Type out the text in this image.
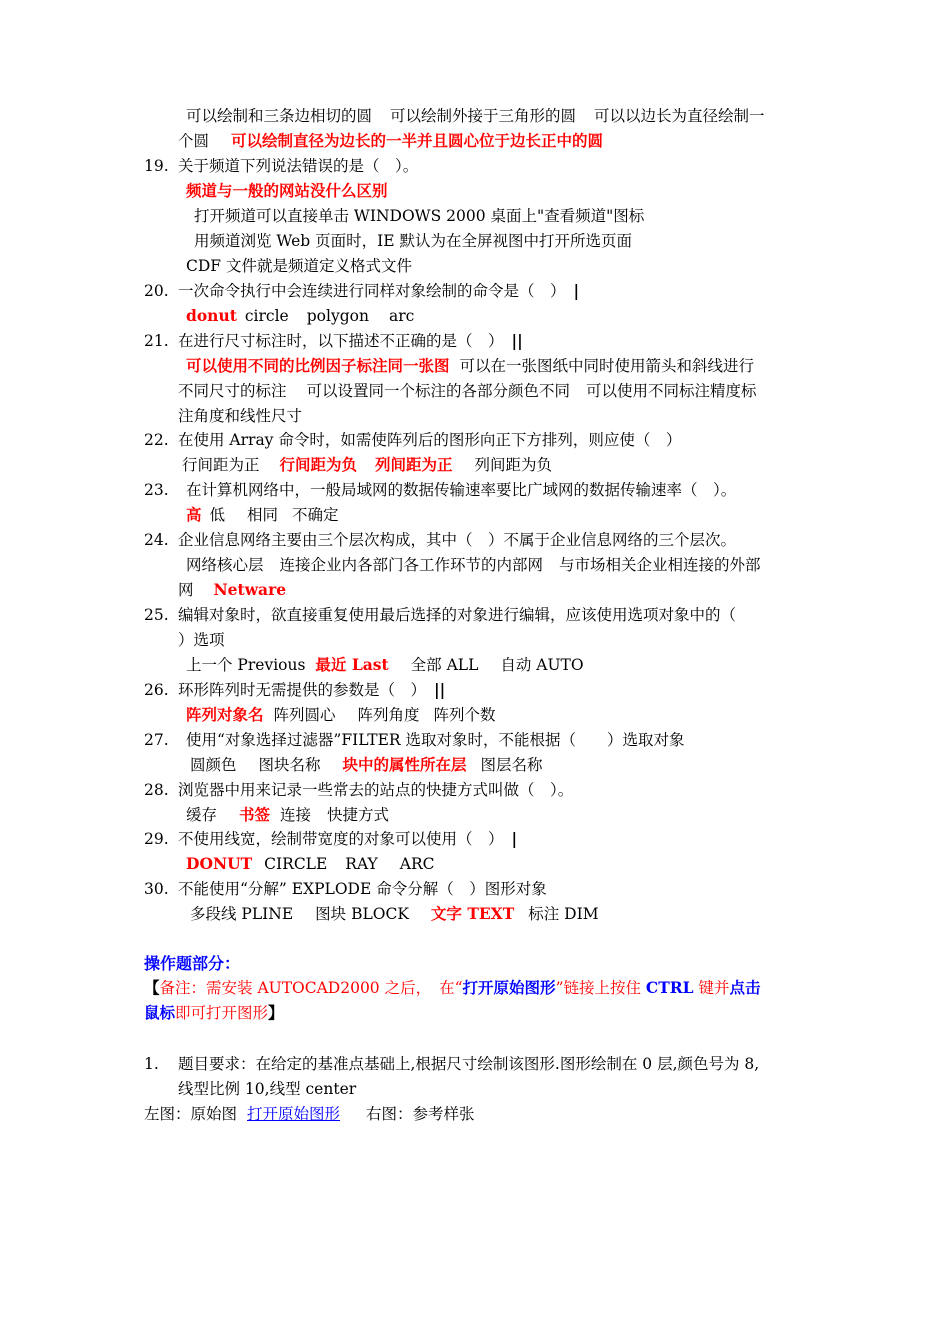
可以绘制和三条边相切的圆 可以绘制外接于三角形的圆 可以以边长为直径绘制一
个圆 可以绘制直径为边长的一半并且圆心位于边长正中的圆
19. 关于频道下列说法错误的是（　）。
频道与一般的网站没什么区别
打开频道可以直接单击 WINDOWS 2000 桌面上"查看频道"图标
用频道浏览 Web 页面时，IE 默认为在全屏视图中打开所选页面
CDF 文件就是频道定义格式文件
20. 一次命令执行中会连续进行同样对象绘制的命令是（　） |
donut circle polygon arc
21. 在进行尺寸标注时，以下描述不正确的是（　） ||
可以使用不同的比例因子标注同一张图 可以在一张图纸中同时使用箭头和斜线进行
不同尺寸的标注 可以设置同一个标注的各部分颜色不同 可以使用不同标注精度标
注角度和线性尺寸
22. 在使用 Array 命令时，如需使阵列后的图形向正下方排列，则应使（　）
行间距为正 行间距为负 列间距为正 列间距为负
23. 在计算机网络中，一般局域网的数据传输速率要比广域网的数据传输速率（　）。
高 低 相同 不确定
24. 企业信息网络主要由三个层次构成，其中（　）不属于企业信息网络的三个层次。
网络核心层 连接企业内各部门各工作环节的内部网 与市场相关企业相连接的外部
网 Netware
25. 编辑对象时，欲直接重复使用最后选择的对象进行编辑，应该使用选项对象中的（
）选项
上一个 Previous 最近 Last 全部 ALL 自动 AUTO
26. 环形阵列时无需提供的参数是（　） ||
阵列对象名 阵列圆心 阵列角度 阵列个数
27. 使用“对象选择过滤器”FILTER 选取对象时，不能根据（　　）选取对象
圆颜色 图块名称 块中的属性所在层 图层名称
28. 浏览器中用来记录一些常去的站点的快捷方式叫做（　）。
缓存 书签 连接 快捷方式
29. 不使用线宽，绘制带宽度的对象可以使用（　） |
DONUT CIRCLE RAY ARC
30. 不能使用“分解” EXPLODE 命令分解（　）图形对象
多段线 PLINE 图块 BLOCK 文字 TEXT 标注 DIM
操作题部分：
【备注：需安装 AUTOCAD2000 之后， 在“打开原始图形”链接上按住 CTRL 键并点击
鼠标即可打开图形】
1. 题目要求：在给定的基准点基础上,根据尺寸绘制该图形.图形绘制在 0 层,颜色号为 8,
线型比例 10,线型 center
左图：原始图 打开原始图形 右图：参考样张
